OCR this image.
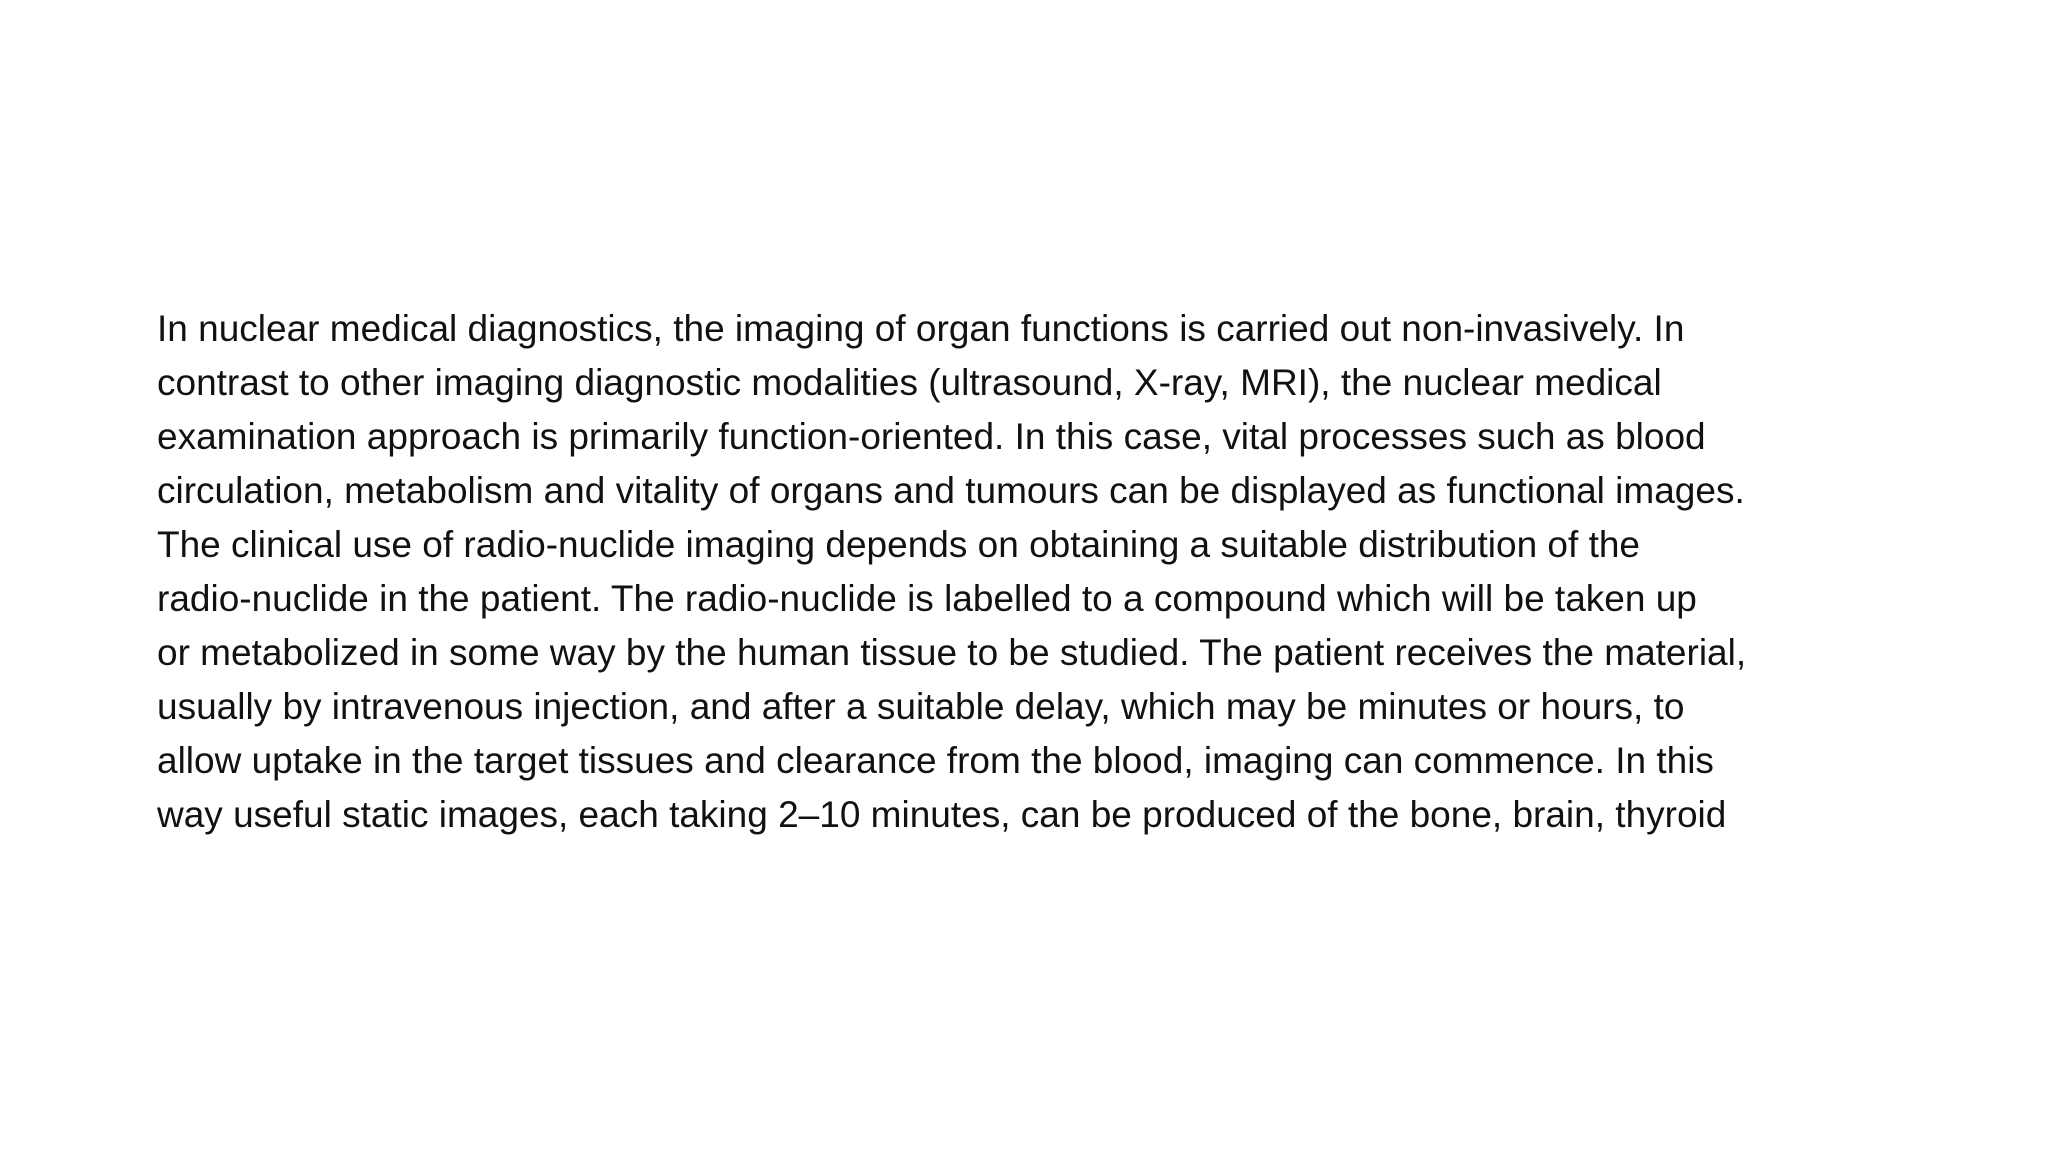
In nuclear medical diagnostics, the imaging of organ functions is carried out non-invasively. In
contrast to other imaging diagnostic modalities (ultrasound, X-ray, MRI), the nuclear medical
examination approach is primarily function-oriented. In this case, vital processes such as blood
circulation, metabolism and vitality of organs and tumours can be displayed as functional images.
The clinical use of radio-nuclide imaging depends on obtaining a suitable distribution of the
radio-nuclide in the patient. The radio-nuclide is labelled to a compound which will be taken up
or metabolized in some way by the human tissue to be studied. The patient receives the material,
usually by intravenous injection, and after a suitable delay, which may be minutes or hours, to
allow uptake in the target tissues and clearance from the blood, imaging can commence. In this
way useful static images, each taking 2–10 minutes, can be produced of the bone, brain, thyroid
